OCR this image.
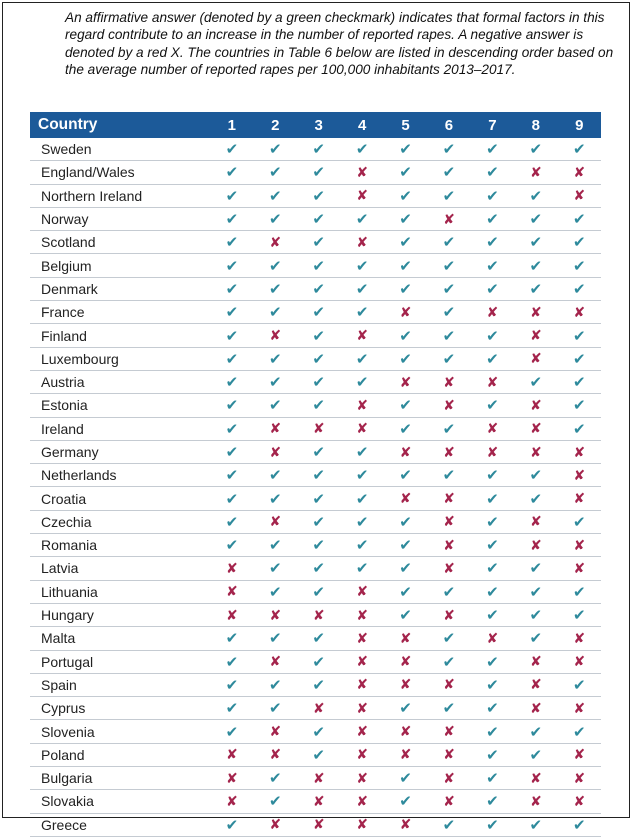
An affirmative answer (denoted by a green checkmark) indicates that formal factors in this regard contribute to an increase in the number of reported rapes. A negative answer is denoted by a red X. The countries in Table 6 below are listed in descending order based on the average number of reported rapes per 100,000 inhabitants 2013–2017.

Country	1	2	3	4	5	6	7	8	9
Sweden	✔	✔	✔	✔	✔	✔	✔	✔	✔
England/Wales	✔	✔	✔	✘	✔	✔	✔	✘	✘
Northern Ireland	✔	✔	✔	✘	✔	✔	✔	✔	✘
Norway	✔	✔	✔	✔	✔	✘	✔	✔	✔
Scotland	✔	✘	✔	✘	✔	✔	✔	✔	✔
Belgium	✔	✔	✔	✔	✔	✔	✔	✔	✔
Denmark	✔	✔	✔	✔	✔	✔	✔	✔	✔
France	✔	✔	✔	✔	✘	✔	✘	✘	✘
Finland	✔	✘	✔	✘	✔	✔	✔	✘	✔
Luxembourg	✔	✔	✔	✔	✔	✔	✔	✘	✔
Austria	✔	✔	✔	✔	✘	✘	✘	✔	✔
Estonia	✔	✔	✔	✘	✔	✘	✔	✘	✔
Ireland	✔	✘	✘	✘	✔	✔	✘	✘	✔
Germany	✔	✘	✔	✔	✘	✘	✘	✘	✘
Netherlands	✔	✔	✔	✔	✔	✔	✔	✔	✘
Croatia	✔	✔	✔	✔	✘	✘	✔	✔	✘
Czechia	✔	✘	✔	✔	✔	✘	✔	✘	✔
Romania	✔	✔	✔	✔	✔	✘	✔	✘	✘
Latvia	✘	✔	✔	✔	✔	✘	✔	✔	✘
Lithuania	✘	✔	✔	✘	✔	✔	✔	✔	✔
Hungary	✘	✘	✘	✘	✔	✘	✔	✔	✔
Malta	✔	✔	✔	✘	✘	✔	✘	✔	✘
Portugal	✔	✘	✔	✘	✘	✔	✔	✘	✘
Spain	✔	✔	✔	✘	✘	✘	✔	✘	✔
Cyprus	✔	✔	✘	✘	✔	✔	✔	✘	✘
Slovenia	✔	✘	✔	✘	✘	✘	✔	✔	✔
Poland	✘	✘	✔	✘	✘	✘	✔	✔	✘
Bulgaria	✘	✔	✘	✘	✔	✘	✔	✘	✘
Slovakia	✘	✔	✘	✘	✔	✘	✔	✘	✘
Greece	✔	✘	✘	✘	✘	✔	✔	✔	✔
